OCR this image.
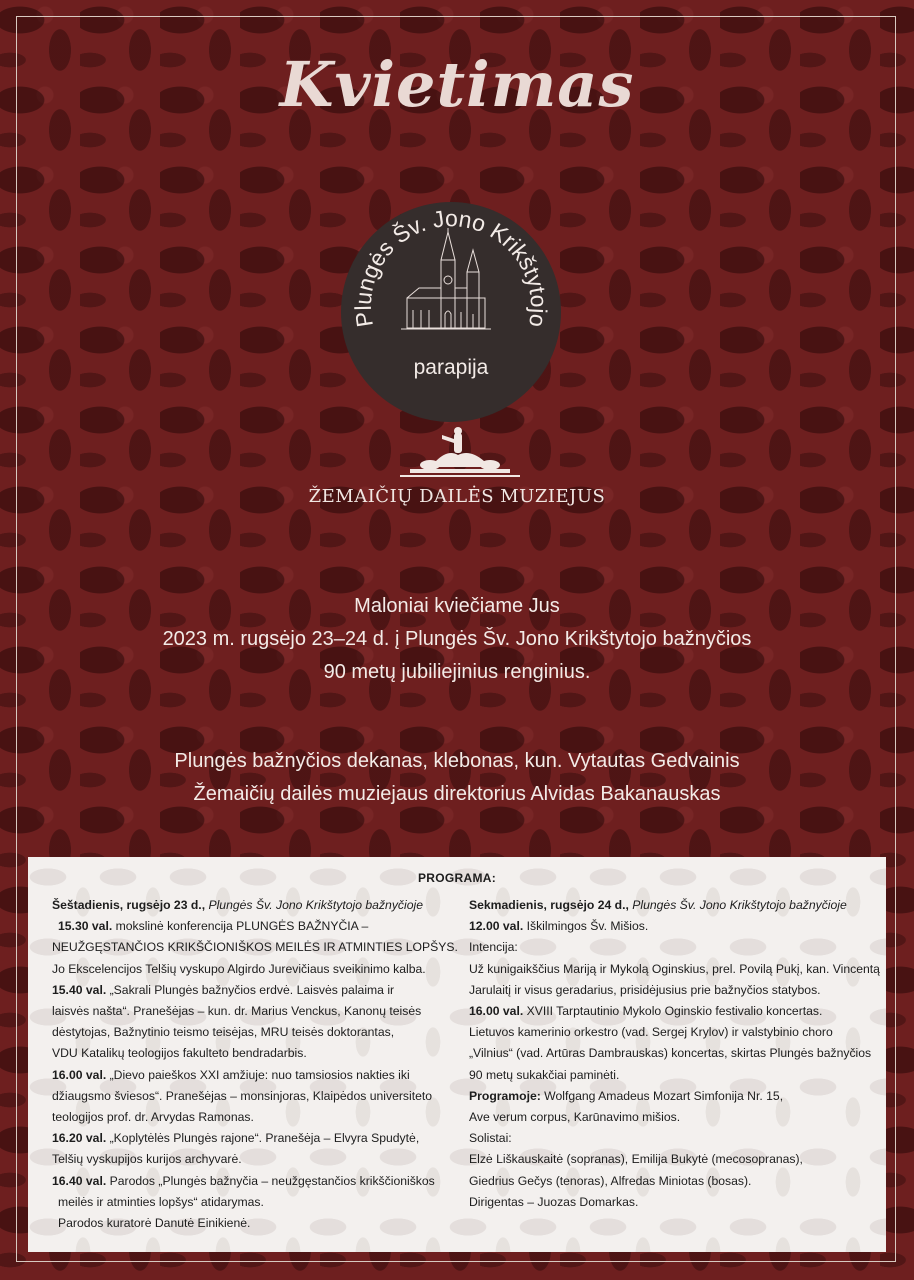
Kvietimas
Plungės Šv. Jono Krikštytojo
parapija
ŽEMAIČIŲ DAILĖS MUZIEJUS
Maloniai kviečiame Jus
2023 m. rugsėjo 23–24 d. į Plungės Šv. Jono Krikštytojo bažnyčios
90 metų jubiliejinius renginius.
Plungės bažnyčios dekanas, klebonas, kun. Vytautas Gedvainis
Žemaičių dailės muziejaus direktorius Alvidas Bakanauskas
PROGRAMA:

Šeštadienis, rugsėjo 23 d., Plungės Šv. Jono Krikštytojo bažnyčioje

15.30 val. mokslinė konferencija PLUNGĖS BAŽNYČIA –

NEUŽGĘSTANČIOS KRIKŠČIONIŠKOS MEILĖS IR ATMINTIES LOPŠYS.

Jo Ekscelencijos Telšių vyskupo Algirdo Jurevičiaus sveikinimo kalba.

15.40 val. „Sakrali Plungės bažnyčios erdvė. Laisvės palaima ir

laisvės našta“. Pranešėjas – kun. dr. Marius Venckus, Kanonų teisės

dėstytojas, Bažnytinio teismo teisėjas, MRU teisės doktorantas,

VDU Katalikų teologijos fakulteto bendradarbis.

16.00 val. „Dievo paieškos XXI amžiuje: nuo tamsiosios nakties iki

džiaugsmo šviesos“. Pranešėjas – monsinjoras, Klaipėdos universiteto

teologijos prof. dr. Arvydas Ramonas.

16.20 val. „Koplytėlės Plungės rajone“. Pranešėja – Elvyra Spudytė,

Telšių vyskupijos kurijos archyvarė.

16.40 val. Parodos „Plungės bažnyčia – neužgęstančios krikščioniškos

meilės ir atminties lopšys“ atidarymas.

Parodos kuratorė Danutė Einikienė.

Sekmadienis, rugsėjo 24 d., Plungės Šv. Jono Krikštytojo bažnyčioje

12.00 val. Iškilmingos Šv. Mišios.

Intencija:

Už kunigaikščius Mariją ir Mykolą Oginskius, prel. Povilą Pukį, kan. Vincentą

Jarulaitį ir visus geradarius, prisidėjusius prie bažnyčios statybos.

16.00 val. XVIII Tarptautinio Mykolo Oginskio festivalio koncertas.

Lietuvos kamerinio orkestro (vad. Sergej Krylov) ir valstybinio choro

„Vilnius“ (vad. Artūras Dambrauskas) koncertas, skirtas Plungės bažnyčios

90 metų sukakčiai paminėti.

Programoje: Wolfgang Amadeus Mozart Simfonija Nr. 15,

Ave verum corpus, Karūnavimo mišios.

Solistai:

Elzė Liškauskaitė (sopranas), Emilija Bukytė (mecosopranas),

Giedrius Gečys (tenoras), Alfredas Miniotas (bosas).

Dirigentas – Juozas Domarkas.
